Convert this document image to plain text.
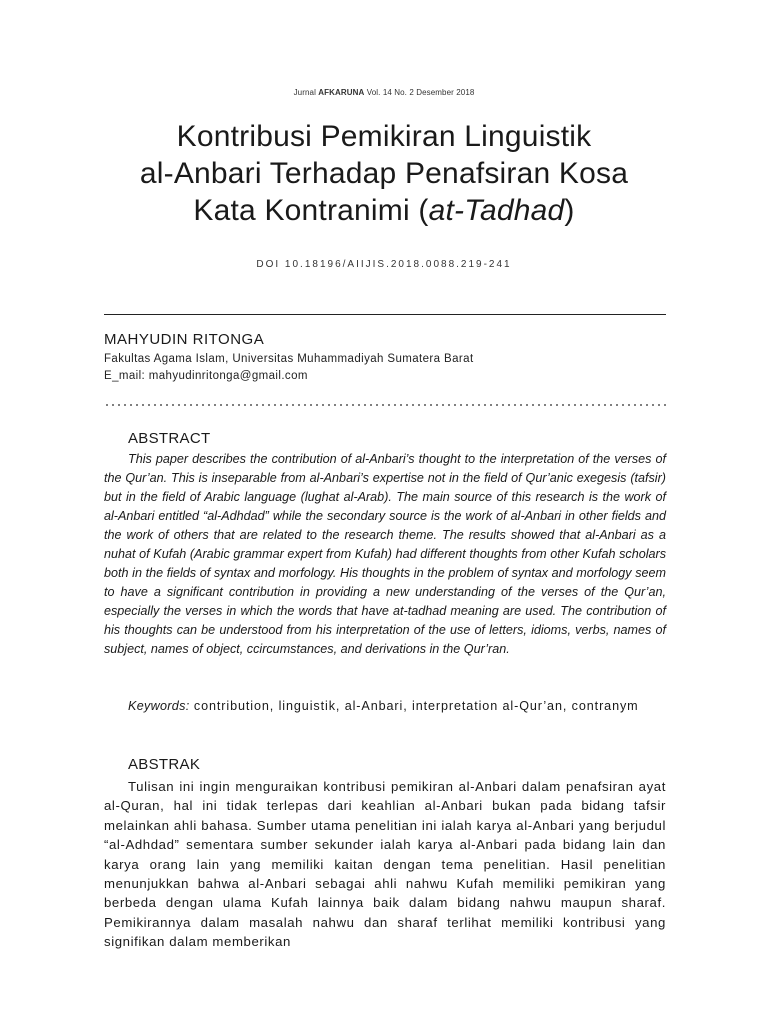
Jurnal AFKARUNA Vol. 14 No. 2 Desember 2018
Kontribusi Pemikiran Linguistik
al-Anbari Terhadap Penafsiran Kosa
Kata Kontranimi (at-Tadhad)
DOI 10.18196/AIIJIS.2018.0088.219-241
MAHYUDIN RITONGA
Fakultas Agama Islam, Universitas Muhammadiyah Sumatera Barat
E_mail: mahyudinritonga@gmail.com
ABSTRACT

This paper describes the contribution of al-Anbari’s thought to the interpretation of the verses of the Qur’an. This is inseparable from al-Anbari’s expertise not in the field of Qur’anic exegesis (tafsir) but in the field of Arabic language (lughat al-Arab). The main source of this research is the work of al-Anbari entitled “al-Adhdad” while the secondary source is the work of al-Anbari in other fields and the work of others that are related to the research theme. The results showed that al-Anbari as a nuhat of Kufah (Arabic grammar expert from Kufah) had different thoughts from other Kufah scholars both in the fields of syntax and morfology. His thoughts in the problem of syntax and morfology seem to have a significant contribution in providing a new understanding of the verses of the Qur’an, especially the verses in which the words that have at-tadhad meaning are used. The contribution of his thoughts can be understood from his interpretation of the use of letters, idioms, verbs, names of subject, names of object, ccircumstances, and derivations in the Qur’ran.

Keywords: contribution, linguistik, al-Anbari, interpretation al-Qur’an, contranym

ABSTRAK

Tulisan ini ingin menguraikan kontribusi pemikiran al-Anbari dalam penafsiran ayat al-Quran, hal ini tidak terlepas dari keahlian al-Anbari bukan pada bidang tafsir melainkan ahli bahasa. Sumber utama penelitian ini ialah karya al-Anbari yang berjudul “al-Adhdad” sementara sumber sekunder ialah karya al-Anbari pada bidang lain dan karya orang lain yang memiliki kaitan dengan tema penelitian. Hasil penelitian menunjukkan bahwa al-Anbari sebagai ahli nahwu Kufah memiliki pemikiran yang berbeda dengan ulama Kufah lainnya baik dalam bidang nahwu maupun sharaf. Pemikirannya dalam masalah nahwu dan sharaf terlihat memiliki kontribusi yang signifikan dalam memberikan
